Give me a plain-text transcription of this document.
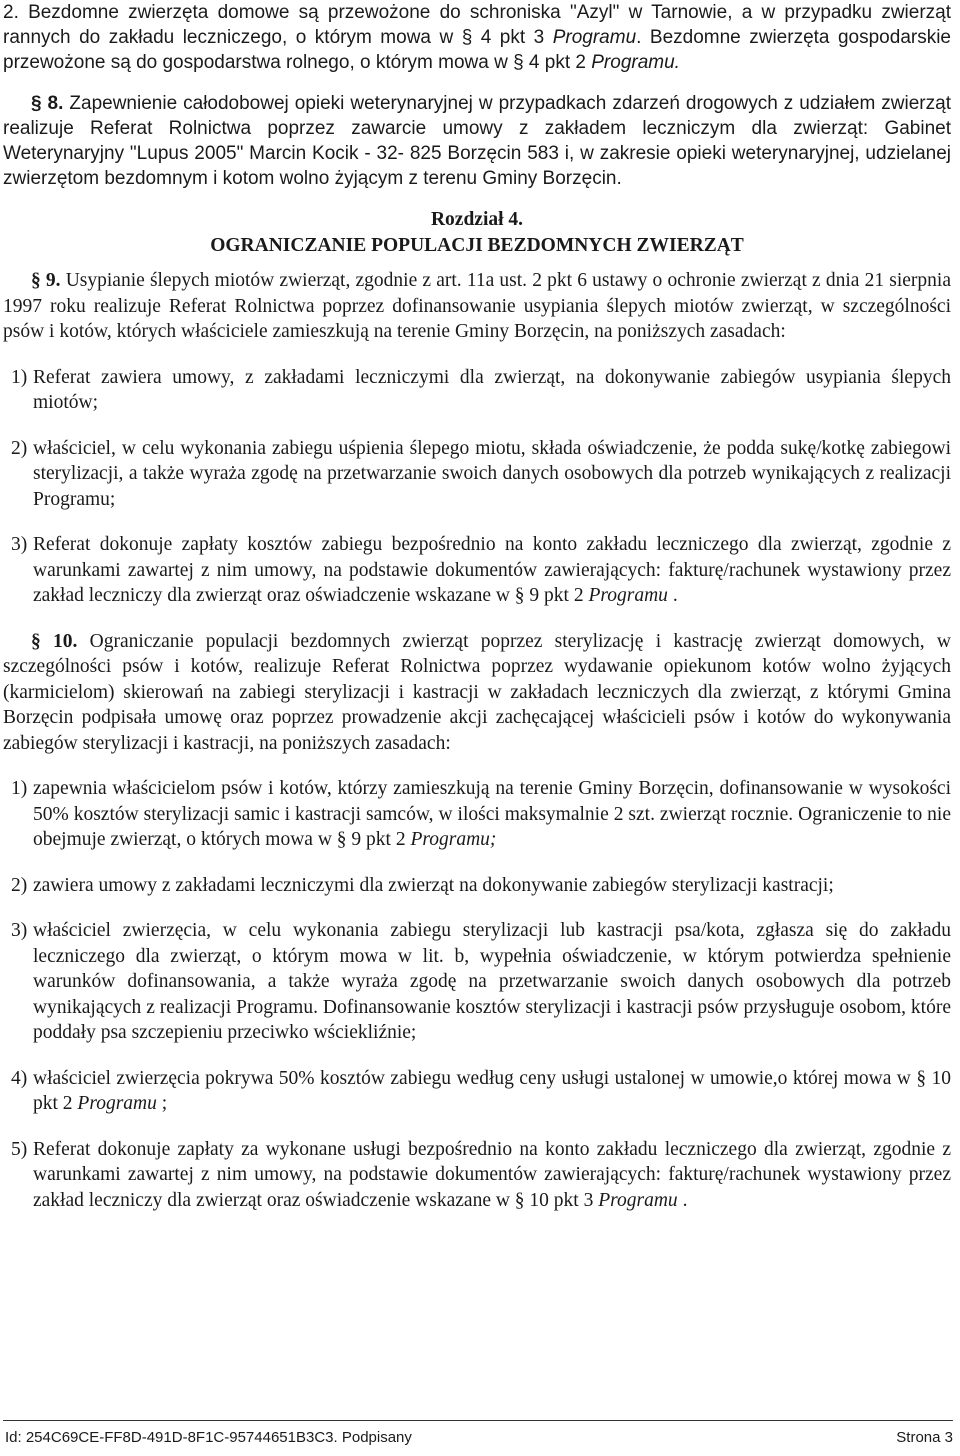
2. Bezdomne zwierzęta domowe są przewożone do schroniska "Azyl" w Tarnowie, a w przypadku zwierząt rannych do zakładu leczniczego, o którym mowa w § 4 pkt 3 Programu. Bezdomne zwierzęta gospodarskie przewożone są do gospodarstwa rolnego, o którym mowa w § 4 pkt 2 Programu.

§ 8. Zapewnienie całodobowej opieki weterynaryjnej w przypadkach zdarzeń drogowych z udziałem zwierząt realizuje Referat Rolnictwa poprzez zawarcie umowy z zakładem leczniczym dla zwierząt: Gabinet Weterynaryjny "Lupus 2005" Marcin Kocik - 32- 825 Borzęcin 583 i, w zakresie opieki weterynaryjnej, udzielanej zwierzętom bezdomnym i kotom wolno żyjącym z terenu Gminy Borzęcin.

Rozdział 4.

OGRANICZANIE POPULACJI BEZDOMNYCH ZWIERZĄT

§ 9. Usypianie ślepych miotów zwierząt, zgodnie z art. 11a ust. 2 pkt 6 ustawy o ochronie zwierząt z dnia 21 sierpnia 1997 roku realizuje Referat Rolnictwa poprzez dofinansowanie usypiania ślepych miotów zwierząt, w szczególności psów i kotów, których właściciele zamieszkują na terenie Gminy Borzęcin, na poniższych zasadach:

1) Referat zawiera umowy, z zakładami leczniczymi dla zwierząt, na dokonywanie zabiegów usypiania ślepych miotów;

2) właściciel, w celu wykonania zabiegu uśpienia ślepego miotu, składa oświadczenie, że podda sukę/kotkę zabiegowi sterylizacji, a także wyraża zgodę na przetwarzanie swoich danych osobowych dla potrzeb wynikających z realizacji Programu;

3) Referat dokonuje zapłaty kosztów zabiegu bezpośrednio na konto zakładu leczniczego dla zwierząt, zgodnie z warunkami zawartej z nim umowy, na podstawie dokumentów zawierających: fakturę/rachunek wystawiony przez zakład leczniczy dla zwierząt oraz oświadczenie wskazane w § 9 pkt 2 Programu .

§ 10. Ograniczanie populacji bezdomnych zwierząt poprzez sterylizację i kastrację zwierząt domowych, w szczególności psów i kotów, realizuje Referat Rolnictwa poprzez wydawanie opiekunom kotów wolno żyjących (karmicielom) skierowań na zabiegi sterylizacji i kastracji w zakładach leczniczych dla zwierząt, z którymi Gmina Borzęcin podpisała umowę oraz poprzez prowadzenie akcji zachęcającej właścicieli psów i kotów do wykonywania zabiegów sterylizacji i kastracji, na poniższych zasadach:

1) zapewnia właścicielom psów i kotów, którzy zamieszkują na terenie Gminy Borzęcin, dofinansowanie w wysokości 50% kosztów sterylizacji samic i kastracji samców, w ilości maksymalnie 2 szt. zwierząt rocznie. Ograniczenie to nie obejmuje zwierząt, o których mowa w § 9 pkt 2 Programu;

2) zawiera umowy z zakładami leczniczymi dla zwierząt na dokonywanie zabiegów sterylizacji kastracji;

3) właściciel zwierzęcia, w celu wykonania zabiegu sterylizacji lub kastracji psa/kota, zgłasza się do zakładu leczniczego dla zwierząt, o którym mowa w lit. b, wypełnia oświadczenie, w którym potwierdza spełnienie warunków dofinansowania, a także wyraża zgodę na przetwarzanie swoich danych osobowych dla potrzeb wynikających z realizacji Programu. Dofinansowanie kosztów sterylizacji i kastracji psów przysługuje osobom, które poddały psa szczepieniu przeciwko wściekliźnie;

4) właściciel zwierzęcia pokrywa 50% kosztów zabiegu według ceny usługi ustalonej w umowie,o której mowa w § 10 pkt 2 Programu ;

5) Referat dokonuje zapłaty za wykonane usługi bezpośrednio na konto zakładu leczniczego dla zwierząt, zgodnie z warunkami zawartej z nim umowy, na podstawie dokumentów zawierających: fakturę/rachunek wystawiony przez zakład leczniczy dla zwierząt oraz oświadczenie wskazane w § 10 pkt 3 Programu .

Id: 254C69CE-FF8D-491D-8F1C-95744651B3C3. Podpisany	Strona 3
